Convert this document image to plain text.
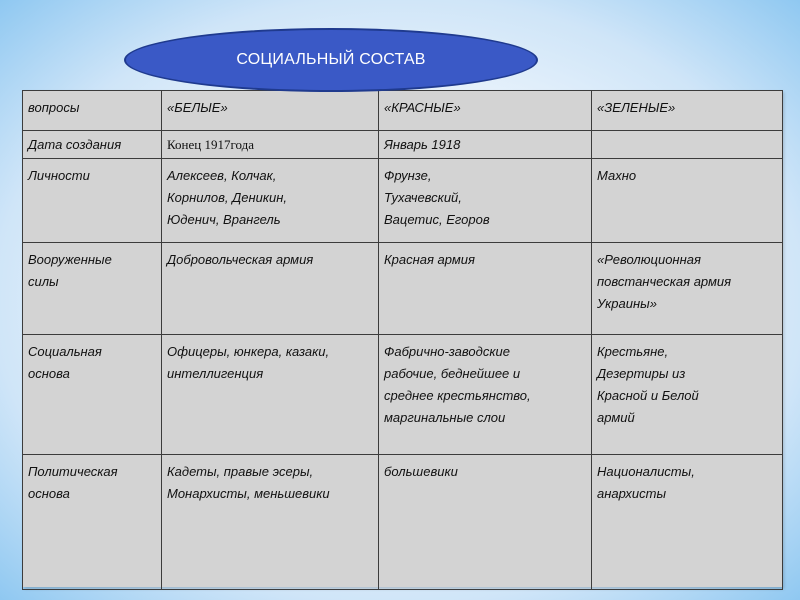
СОЦИАЛЬНЫЙ СОСТАВ
вопросы	«БЕЛЫЕ»	«КРАСНЫЕ»	«ЗЕЛЕНЫЕ»

Дата создания	Конец 1917года	Январь 1918	

Личности	Алексеев, Колчак,
Корнилов, Деникин,
Юденич, Врангель	Фрунзе,
Тухачевский,
Вацетис, Егоров	Махно

Вооруженные
силы	Добровольческая армия	Красная армия	«Революционная
повстанческая армия
Украины»

Социальная
основа	Офицеры, юнкера, казаки,
интеллигенция	Фабрично-заводские
рабочие, беднейшее и
среднее крестьянство,
маргинальные слои	Крестьяне,
Дезертиры из
Красной и Белой
армий

Политическая
основа	Кадеты, правые эсеры,
Монархисты, меньшевики	большевики	Националисты,
анархисты
